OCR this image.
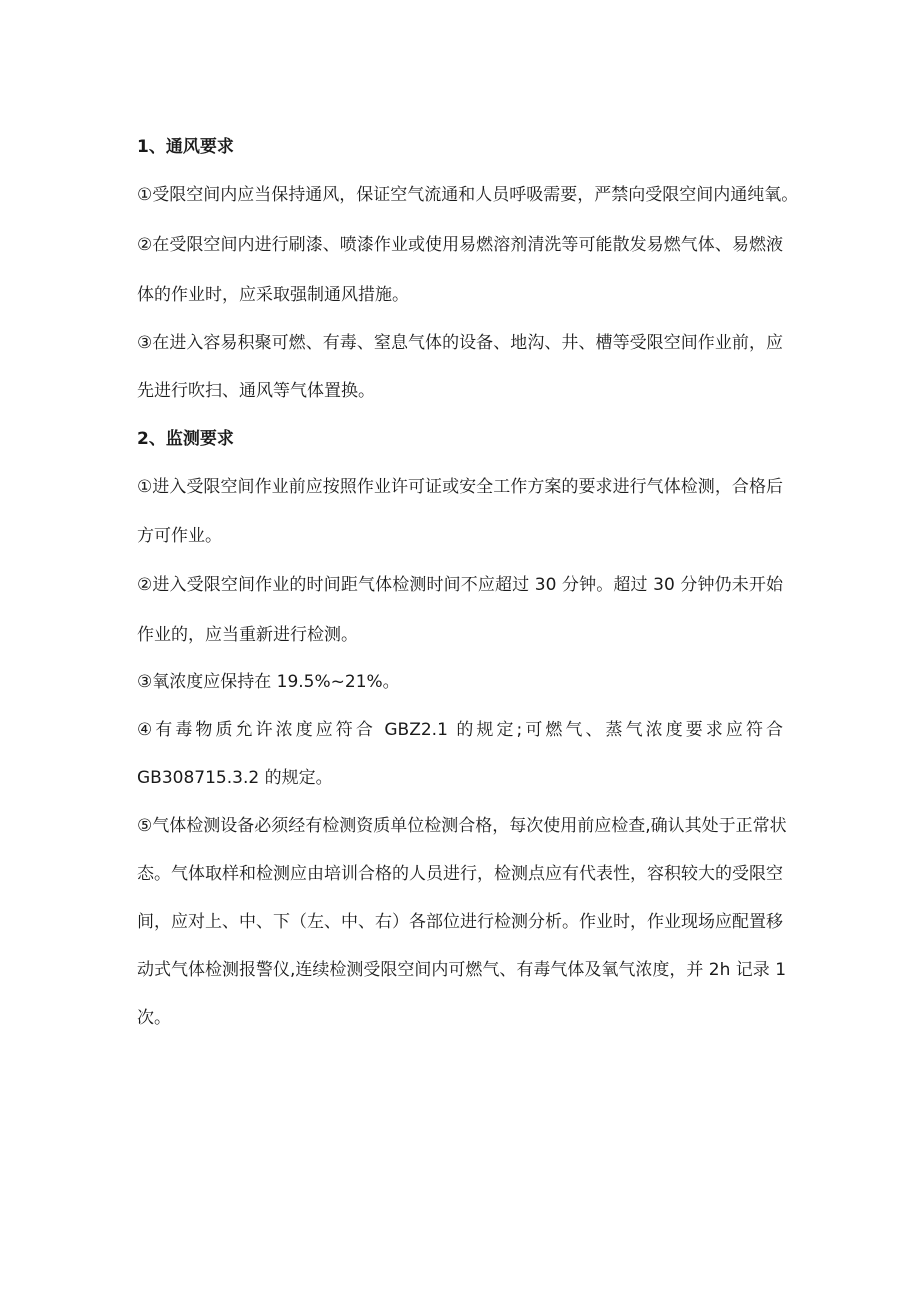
1、通风要求
①受限空间内应当保持通风，保证空气流通和人员呼吸需要，严禁向受限空间内通纯氧。
②在受限空间内进行刷漆、喷漆作业或使用易燃溶剂清洗等可能散发易燃气体、易燃液
体的作业时，应采取强制通风措施。
③在进入容易积聚可燃、有毒、窒息气体的设备、地沟、井、槽等受限空间作业前，应
先进行吹扫、通风等气体置换。
2、监测要求
①进入受限空间作业前应按照作业许可证或安全工作方案的要求进行气体检测，合格后
方可作业。
②进入受限空间作业的时间距气体检测时间不应超过 30 分钟。超过 30 分钟仍未开始
作业的，应当重新进行检测。
③氧浓度应保持在 19.5%~21%。
④有毒物质允许浓度应符合 GBZ2.1 的规定;可燃气、蒸气浓度要求应符合
GB308715.3.2 的规定。
⑤气体检测设备必须经有检测资质单位检测合格，每次使用前应检查,确认其处于正常状
态。气体取样和检测应由培训合格的人员进行，检测点应有代表性，容积较大的受限空
间，应对上、中、下（左、中、右）各部位进行检测分析。作业时，作业现场应配置移
动式气体检测报警仪,连续检测受限空间内可燃气、有毒气体及氧气浓度，并 2h 记录 1
次。
